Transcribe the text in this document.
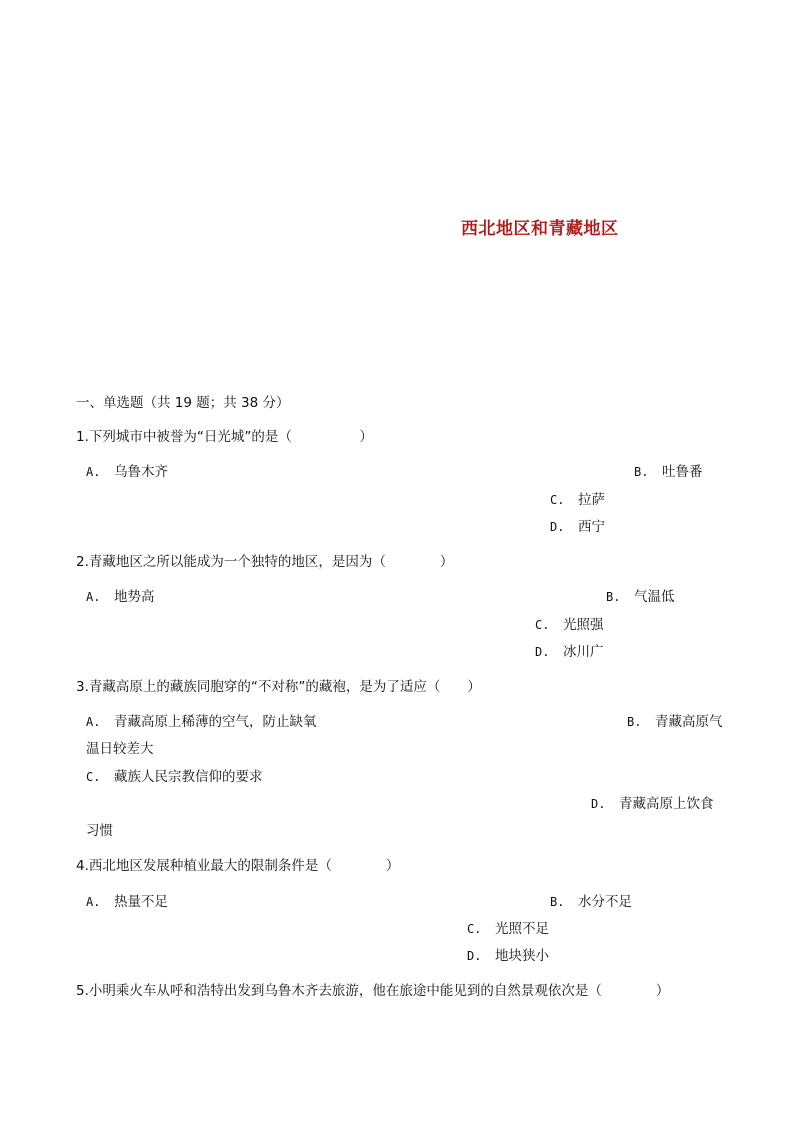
西北地区和青藏地区
一、单选题（共 19 题；共 38 分）
1.下列城市中被誉为“日光城”的是（　　　　　）
A. 乌鲁木齐	B. 吐鲁番
C. 拉萨
D. 西宁
2.青藏地区之所以能成为一个独特的地区，是因为（　　　　）
A. 地势高	B. 气温低
C. 光照强
D. 冰川广
3.青藏高原上的藏族同胞穿的“不对称”的藏袍，是为了适应（　　）
A. 青藏高原上稀薄的空气，防止缺氧	B. 青藏高原气
温日较差大
C. 藏族人民宗教信仰的要求
D. 青藏高原上饮食
习惯
4.西北地区发展种植业最大的限制条件是（　　　　）
A. 热量不足	B. 水分不足
C. 光照不足
D. 地块狭小
5.小明乘火车从呼和浩特出发到乌鲁木齐去旅游，他在旅途中能见到的自然景观依次是（　　　　）
